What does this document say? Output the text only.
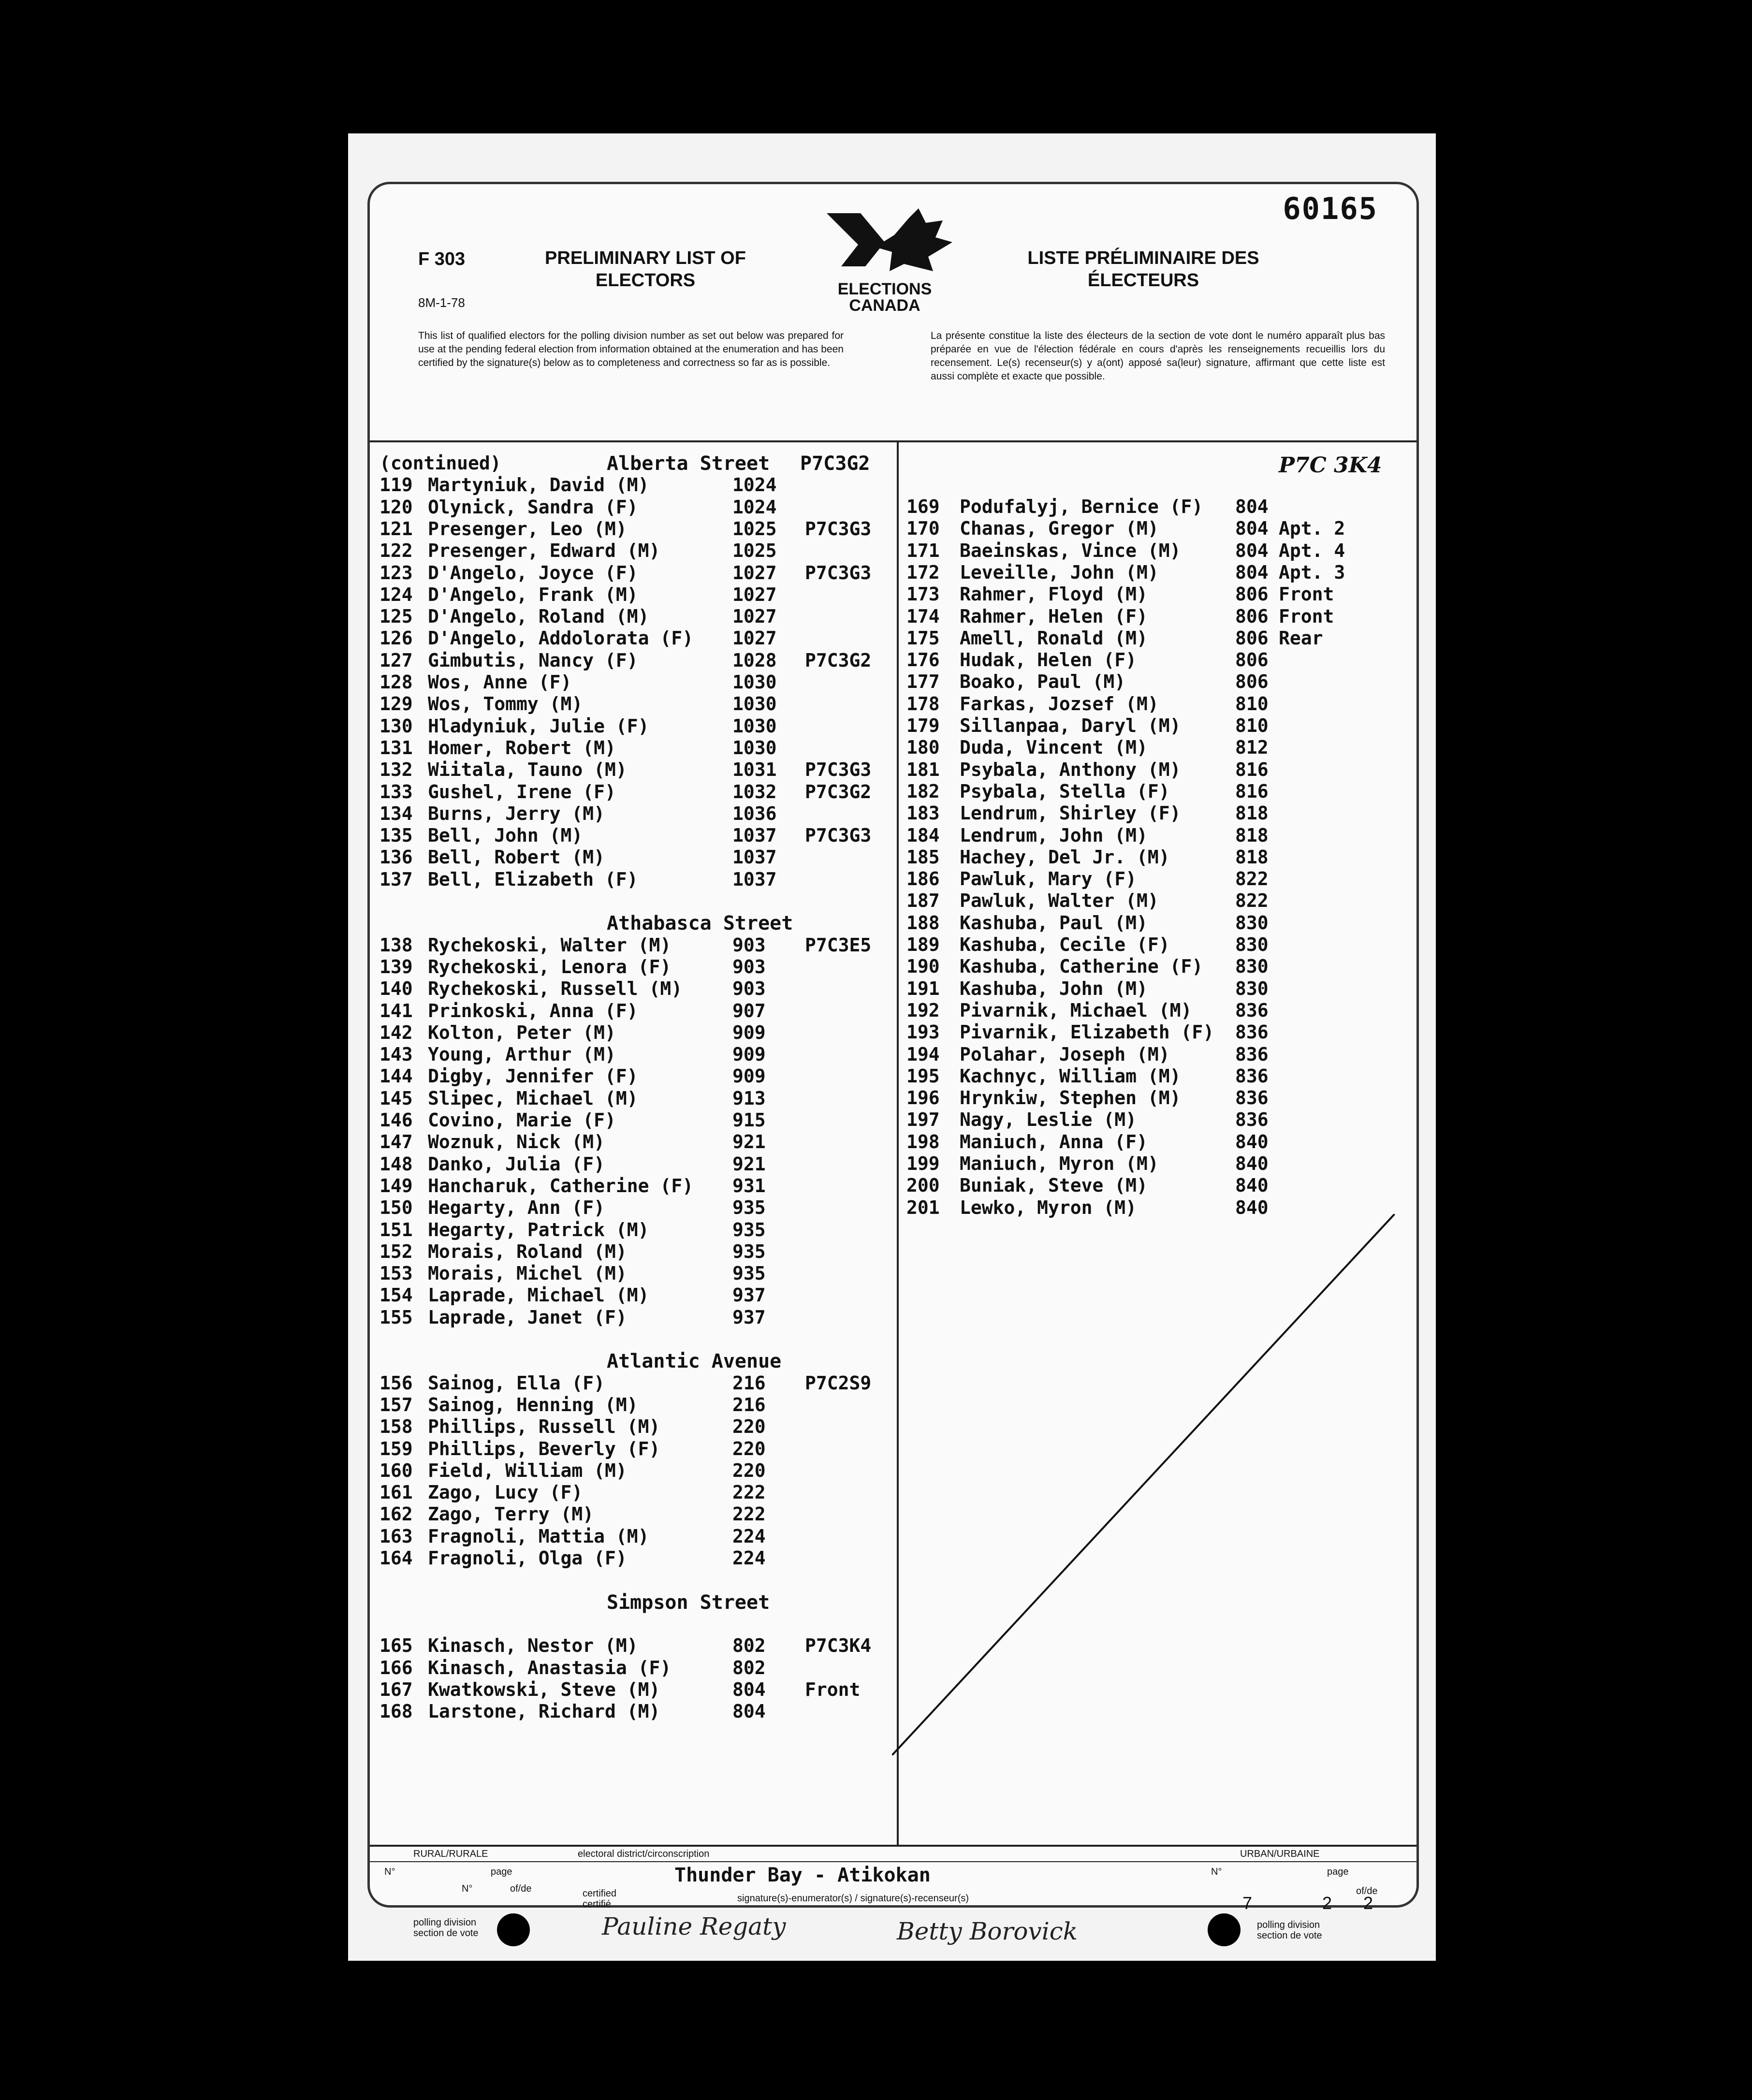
60165
F 303
8M-1-78
PRELIMINARY LIST OF
ELECTORS	ELECTIONS
CANADA
LISTE PRÉLIMINAIRE DES
ÉLECTEURS
This list of qualified electors for the polling division number as set out below was prepared for use at the pending federal election from information obtained at the enumeration and has been certified by the signature(s) below as to completeness and correctness so far as is possible.
La présente constitue la liste des électeurs de la section de vote dont le numéro apparaît plus bas préparée en vue de l'élection fédérale en cours d'après les renseignements recueillis lors du recensement. Le(s) recenseur(s) y a(ont) apposé sa(leur) signature, affirmant que cette liste est aussi complète et exacte que possible.
P7C 3K4
(continued)	Alberta Street P7C3G2
119 Martyniuk, David (M)	1024
120 Olynick, Sandra (F)	1024
121 Presenger, Leo (M)	1025 P7C3G3
122 Presenger, Edward (M)	1025
123 D'Angelo, Joyce (F)	1027 P7C3G3
124 D'Angelo, Frank (M)	1027
125 D'Angelo, Roland (M)	1027
126 D'Angelo, Addolorata (F) 1027
127 Gimbutis, Nancy (F)	1028 P7C3G2
128 Wos, Anne (F)	1030
129 Wos, Tommy (M)	1030
130 Hladyniuk, Julie (F)	1030
131 Homer, Robert (M)	1030
132 Wiitala, Tauno (M)	1031 P7C3G3
133 Gushel, Irene (F)	1032 P7C3G2
134 Burns, Jerry (M)	1036
135 Bell, John (M)	1037 P7C3G3
136 Bell, Robert (M)	1037
137 Bell, Elizabeth (F)	1037
Athabasca Street
138 Rychekoski, Walter (M)	903 P7C3E5
139 Rychekoski, Lenora (F)	903
140 Rychekoski, Russell (M)	903
141 Prinkoski, Anna (F)	907
142 Kolton, Peter (M)	909
143 Young, Arthur (M)	909
144 Digby, Jennifer (F)	909
145 Slipec, Michael (M)	913
146 Covino, Marie (F)	915
147 Woznuk, Nick (M)	921
148 Danko, Julia (F)	921
149 Hancharuk, Catherine (F) 931
150 Hegarty, Ann (F)	935
151 Hegarty, Patrick (M)	935
152 Morais, Roland (M)	935
153 Morais, Michel (M)	935
154 Laprade, Michael (M)	937
155 Laprade, Janet (F)	937
Atlantic Avenue
156 Sainog, Ella (F)	216 P7C2S9
157 Sainog, Henning (M)	216
158 Phillips, Russell (M)	220
159 Phillips, Beverly (F)	220
160 Field, William (M)	220
161 Zago, Lucy (F)	222
162 Zago, Terry (M)	222
163 Fragnoli, Mattia (M)	224
164 Fragnoli, Olga (F)	224
Simpson Street
165 Kinasch, Nestor (M)	802 P7C3K4
166 Kinasch, Anastasia (F)	802
167 Kwatkowski, Steve (M)	804 Front
168 Larstone, Richard (M)	804
169 Podufalyj, Bernice (F) 804
170 Chanas, Gregor (M)	804 Apt. 2
171 Baeinskas, Vince (M)	804 Apt. 4
172 Leveille, John (M)	804 Apt. 3
173 Rahmer, Floyd (M)	806 Front
174 Rahmer, Helen (F)	806 Front
175 Amell, Ronald (M)	806 Rear
176 Hudak, Helen (F)	806
177 Boako, Paul (M)	806
178 Farkas, Jozsef (M)	810
179 Sillanpaa, Daryl (M)	810
180 Duda, Vincent (M)	812
181 Psybala, Anthony (M)	816
182 Psybala, Stella (F)	816
183 Lendrum, Shirley (F)	818
184 Lendrum, John (M)	818
185 Hachey, Del Jr. (M)	818
186 Pawluk, Mary (F)	822
187 Pawluk, Walter (M)	822
188 Kashuba, Paul (M)	830
189 Kashuba, Cecile (F)	830
190 Kashuba, Catherine (F) 830
191 Kashuba, John (M)	830
192 Pivarnik, Michael (M) 836
193 Pivarnik, Elizabeth (F) 836
194 Polahar, Joseph (M)	836
195 Kachnyc, William (M)	836
196 Hrynkiw, Stephen (M)	836
197 Nagy, Leslie (M)	836
198 Maniuch, Anna (F)	840
199 Maniuch, Myron (M)	840
200 Buniak, Steve (M)	840
201 Lewko, Myron (M)	840
RURAL/RURALE	electoral district/circonscription	URBAN/URBAINE
N°	page
N°	of/de
Thunder Bay - Atikokan	N°	page
of/de
7	2 2
certified
certifié
signature(s)-enumerator(s) / signature(s)-recenseur(s)
polling division
section de vote
polling division
section de vote
Pauline Regaty	Betty Borovick
